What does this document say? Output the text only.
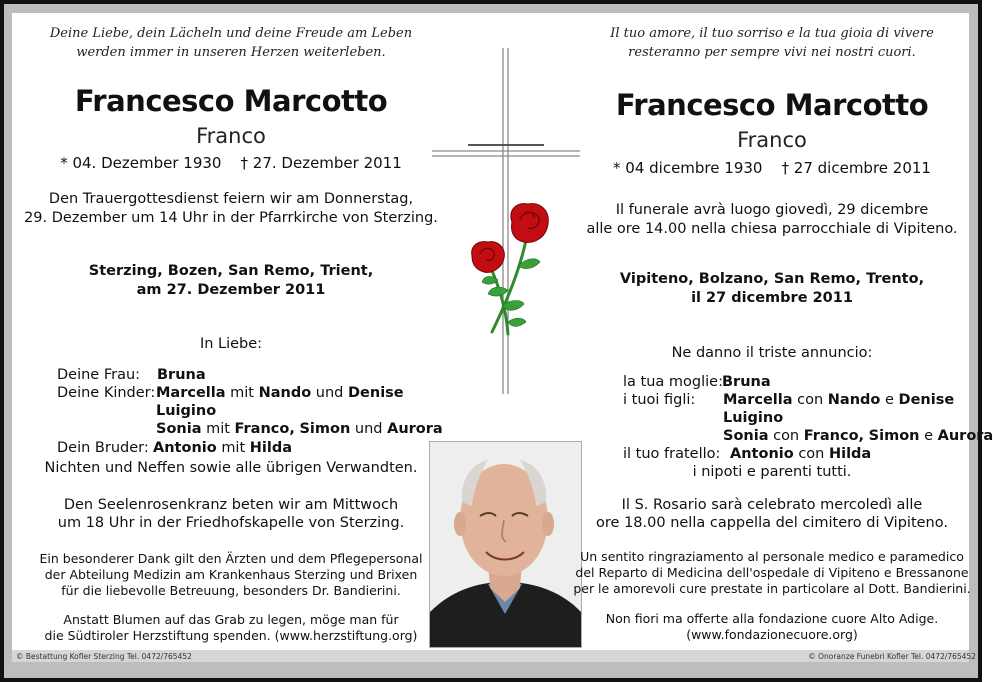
Deine Liebe, dein Lächeln und deine Freude am Leben
werden immer in unseren Herzen weiterleben.
Francesco Marcotto
Franco
* 04. Dezember 1930 † 27. Dezember 2011
Den Trauergottesdienst feiern wir am Donnerstag,
29. Dezember um 14 Uhr in der Pfarrkirche von Sterzing.
Sterzing, Bozen, San Remo, Trient,
am 27. Dezember 2011
In Liebe:
Deine Frau: Bruna
Deine Kinder: Marcella mit Nando und Denise
Luigino
Sonia mit Franco, Simon und Aurora
Dein Bruder: Antonio mit Hilda
Nichten und Neffen sowie alle übrigen Verwandten.
Den Seelenrosenkranz beten wir am Mittwoch
um 18 Uhr in der Friedhofskapelle von Sterzing.
Ein besonderer Dank gilt den Ärzten und dem Pflegepersonal
der Abteilung Medizin am Krankenhaus Sterzing und Brixen
für die liebevolle Betreuung, besonders Dr. Bandierini.
Anstatt Blumen auf das Grab zu legen, möge man für
die Südtiroler Herzstiftung spenden. (www.herzstiftung.org)
Il tuo amore, il tuo sorriso e la tua gioia di vivere
resteranno per sempre vivi nei nostri cuori.
Francesco Marcotto
Franco
* 04 dicembre 1930 † 27 dicembre 2011
Il funerale avrà luogo giovedì, 29 dicembre
alle ore 14.00 nella chiesa parrocchiale di Vipiteno.
Vipiteno, Bolzano, San Remo, Trento,
il 27 dicembre 2011
Ne danno il triste annuncio:
la tua moglie: Bruna
i tuoi figli: Marcella con Nando e Denise
Luigino
Sonia con Franco, Simon e Aurora
il tuo fratello: Antonio con Hilda
i nipoti e parenti tutti.
Il S. Rosario sarà celebrato mercoledì alle
ore 18.00 nella cappella del cimitero di Vipiteno.
Un sentito ringraziamento al personale medico e paramedico
del Reparto di Medicina dell'ospedale di Vipiteno e Bressanone
per le amorevoli cure prestate in particolare al Dott. Bandierini.
Non fiori ma offerte alla fondazione cuore Alto Adige.
(www.fondazionecuore.org)
© Bestattung Kofler Sterzing Tel. 0472/765452	© Onoranze Funebri Kofler Tel. 0472/765452
